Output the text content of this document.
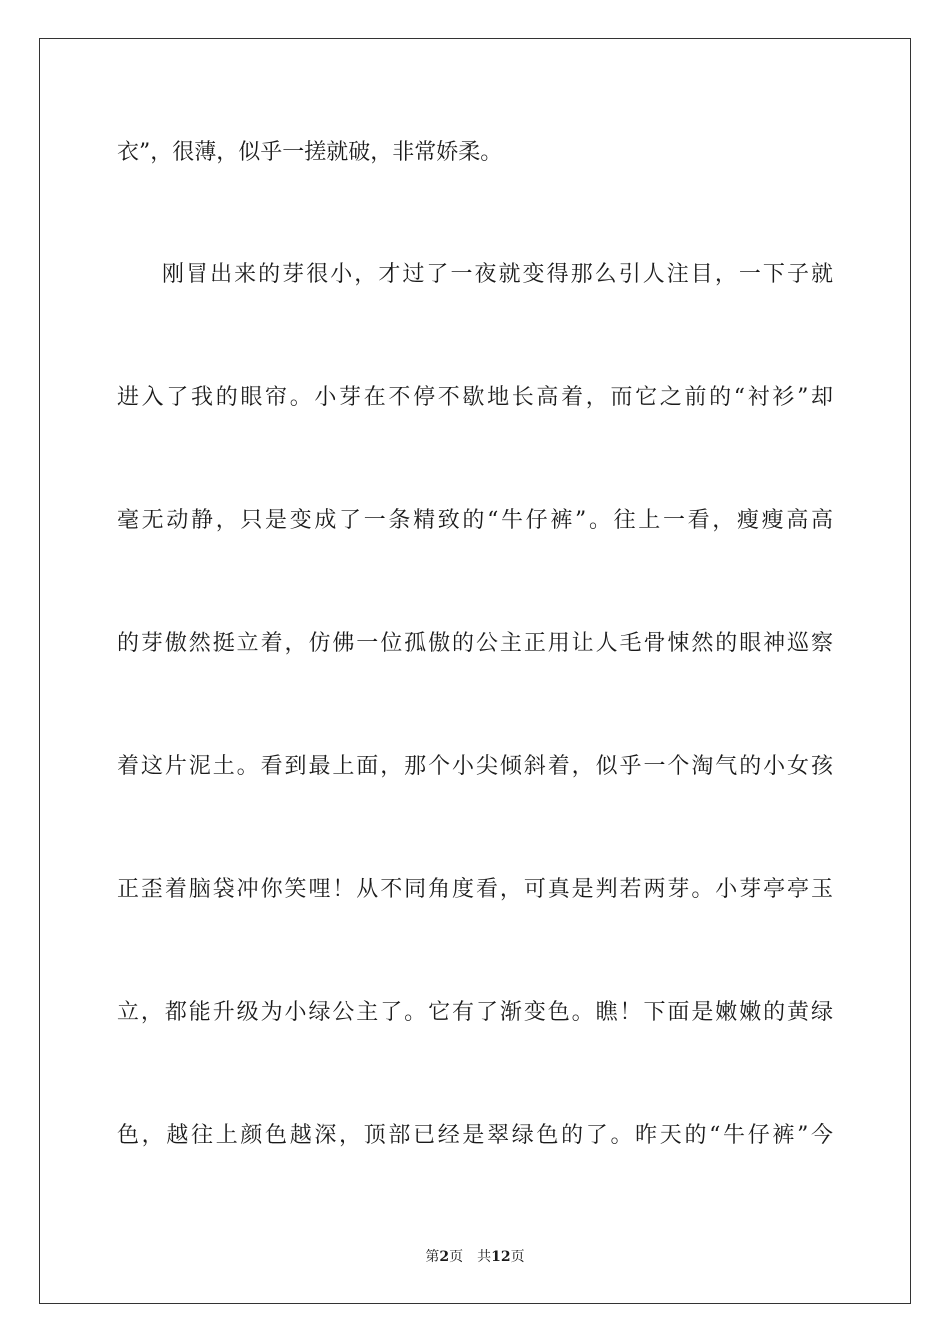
衣”，很薄，似乎一搓就破，非常娇柔。
刚冒出来的芽很小，才过了一夜就变得那么引人注目，一下子就
进入了我的眼帘。小芽在不停不歇地长高着，而它之前的“衬衫”却
毫无动静，只是变成了一条精致的“牛仔裤”。往上一看，瘦瘦高高
的芽傲然挺立着，仿佛一位孤傲的公主正用让人毛骨悚然的眼神巡察
着这片泥土。看到最上面，那个小尖倾斜着，似乎一个淘气的小女孩
正歪着脑袋冲你笑哩！从不同角度看，可真是判若两芽。小芽亭亭玉
立，都能升级为小绿公主了。它有了渐变色。瞧！下面是嫩嫩的黄绿
色，越往上颜色越深，顶部已经是翠绿色的了。昨天的“牛仔裤”今
第2页 共12页
